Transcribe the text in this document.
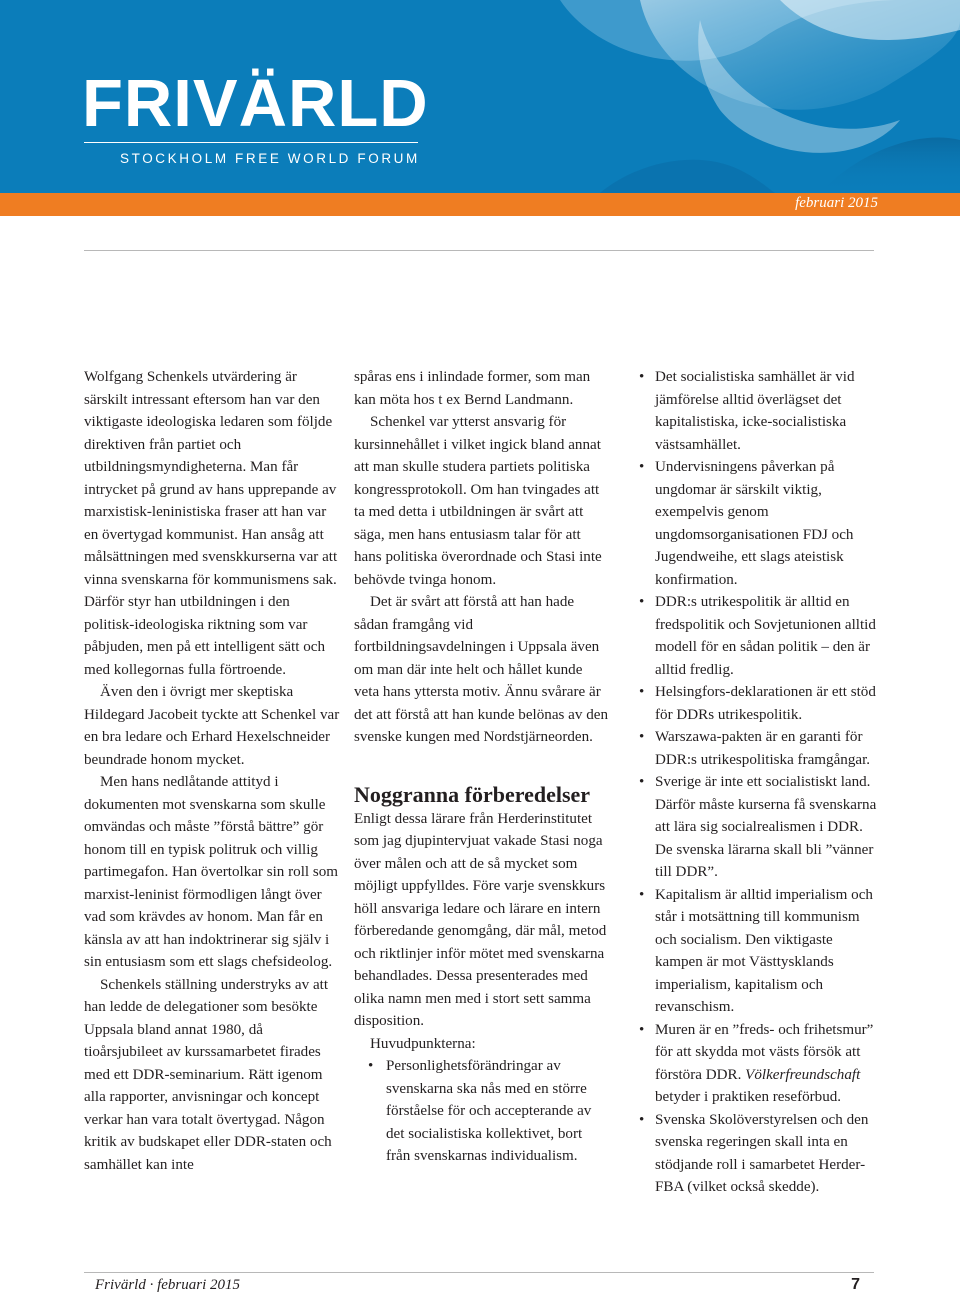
FRIVÄRLD
STOCKHOLM FREE WORLD FORUM
februari 2015

Wolfgang Schenkels utvärdering är särskilt intressant eftersom han var den viktigaste ideologiska ledaren som följde direktiven från partiet och utbildningsmyndigheterna. Man får intrycket på grund av hans upprepande av marxistisk-leninistiska fraser att han var en övertygad kommunist. Han ansåg att målsättningen med svenskkurserna var att vinna svenskarna för kommunismens sak. Därför styr han utbildningen i den politisk-ideologiska riktning som var påbjuden, men på ett intelligent sätt och med kollegornas fulla förtroende.

Även den i övrigt mer skeptiska Hildegard Jacobeit tyckte att Schenkel var en bra ledare och Erhard Hexelschneider beundrade honom mycket.

Men hans nedlåtande attityd i dokumenten mot svenskarna som skulle omvändas och måste ”förstå bättre” gör honom till en typisk politruk och villig partimegafon. Han övertolkar sin roll som marxist-leninist förmodligen långt över vad som krävdes av honom. Man får en känsla av att han indoktrinerar sig själv i sin entusiasm som ett slags chefsideolog.

Schenkels ställning understryks av att han ledde de delegationer som besökte Uppsala bland annat 1980, då tioårsjubileet av kurssamarbetet firades med ett DDR-seminarium. Rätt igenom alla rapporter, anvisningar och koncept verkar han vara totalt övertygad. Någon kritik av budskapet eller DDR-staten och samhället kan inte

spåras ens i inlindade former, som man kan möta hos t ex Bernd Landmann.

Schenkel var ytterst ansvarig för kursinnehållet i vilket ingick bland annat att man skulle studera partiets politiska kongressprotokoll. Om han tvingades att ta med detta i utbildningen är svårt att säga, men hans entusiasm talar för att hans politiska överordnade och Stasi inte behövde tvinga honom.

Det är svårt att förstå att han hade sådan framgång vid fortbildningsavdelningen i Uppsala även om man där inte helt och hållet kunde veta hans yttersta motiv. Ännu svårare är det att förstå att han kunde belönas av den svenske kungen med Nordstjärneorden.

Noggranna förberedelser

Enligt dessa lärare från Herderinstitutet som jag djupintervjuat vakade Stasi noga över målen och att de så mycket som möjligt uppfylldes. Före varje svenskkurs höll ansvariga ledare och lärare en intern förberedande genomgång, där mål, metod och riktlinjer inför mötet med svenskarna behandlades. Dessa presenterades med olika namn men med i stort sett samma disposition.

Huvudpunkterna:

• Personlighetsförändringar av svenskarna ska nås med en större förståelse för och accepterande av det socialistiska kollektivet, bort från svenskarnas individualism.
• Det socialistiska samhället är vid jämförelse alltid överlägset det kapitalistiska, icke-socialistiska västsamhället.
• Undervisningens påverkan på ungdomar är särskilt viktig, exempelvis genom ungdomsorganisationen FDJ och Jugendweihe, ett slags ateistisk konfirmation.
• DDR:s utrikespolitik är alltid en fredspolitik och Sovjetunionen alltid modell för en sådan politik – den är alltid fredlig.
• Helsingfors-deklarationen är ett stöd för DDRs utrikespolitik.
• Warszawa-pakten är en garanti för DDR:s utrikespolitiska framgångar.
• Sverige är inte ett socialistiskt land. Därför måste kurserna få svenskarna att lära sig socialrealismen i DDR. De svenska lärarna skall bli ”vänner till DDR”.
• Kapitalism är alltid imperialism och står i motsättning till kommunism och socialism. Den viktigaste kampen är mot Västtysklands imperialism, kapitalism och revanschism.
• Muren är en ”freds- och frihetsmur” för att skydda mot västs försök att förstöra DDR. Völkerfreundschaft betyder i praktiken reseförbud.
• Svenska Skolöverstyrelsen och den svenska regeringen skall inta en stödjande roll i samarbetet Herder-FBA (vilket också skedde).
Frivärld · februari 2015	7
